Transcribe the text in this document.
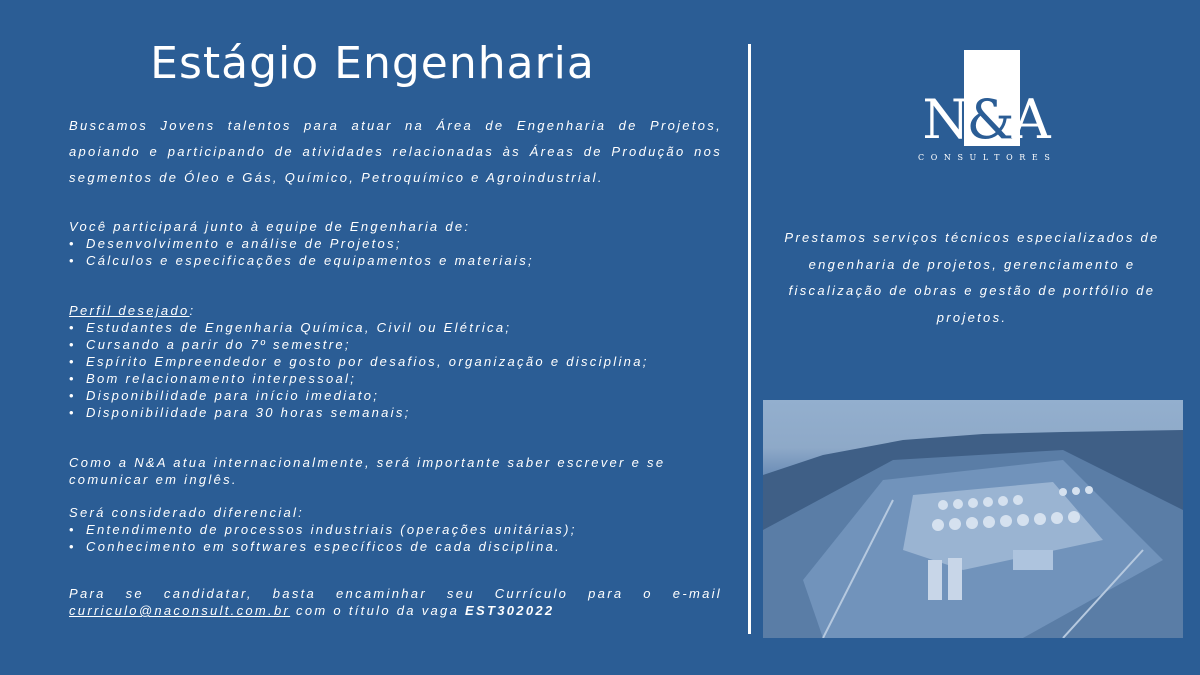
Estágio Engenharia

Buscamos Jovens talentos para atuar na Área de Engenharia de Projetos, apoiando e participando de atividades relacionadas às Áreas de Produção nos segmentos de Óleo e Gás, Químico, Petroquímico e Agroindustrial.

Você participará junto à equipe de Engenharia de:

• Desenvolvimento e análise de Projetos;
• Cálculos e especificações de equipamentos e materiais;

Perfil desejado:

• Estudantes de Engenharia Química, Civil ou Elétrica;
• Cursando a parir do 7º semestre;
• Espírito Empreendedor e gosto por desafios, organização e disciplina;
• Bom relacionamento interpessoal;
• Disponibilidade para início imediato;
• Disponibilidade para 30 horas semanais;

Como a N&A atua internacionalmente, será importante saber escrever e se comunicar em inglês.

Será considerado diferencial:

• Entendimento de processos industriais (operações unitárias);
• Conhecimento em softwares específicos de cada disciplina.

Para se candidatar, basta encaminhar seu Currículo para o e-mail
curriculo@naconsult.com.br com o título da vaga EST302022

N&A
CONSULTORES

Prestamos serviços técnicos especializados de engenharia de projetos, gerenciamento e fiscalização de obras e gestão de portfólio de projetos.
